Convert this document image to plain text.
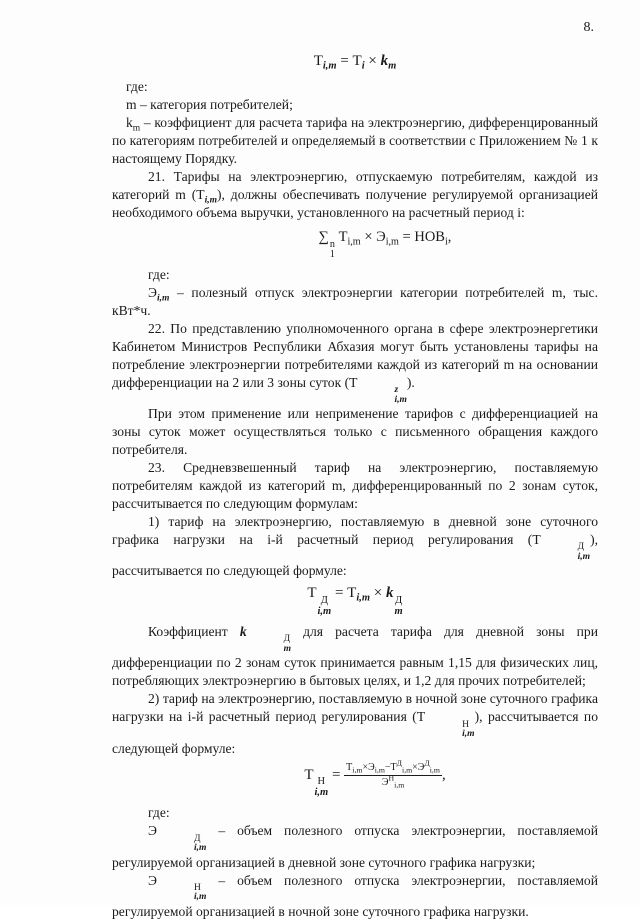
8.

$Т_{i,m} = Т_i \times k_m$

где:

m – категория потребителей;

$k_m$ – коэффициент для расчета тарифа на электроэнергию, дифференцированный по категориям потребителей и определяемый в соответствии с Приложением № 1 к настоящему Порядку.

21. Тарифы на электроэнергию, отпускаемую потребителям, каждой из категорий m $(Т_{i,m})$, должны обеспечивать получение регулируемой организацией необходимого объема выручки, установленного на расчетный период i:

∑ n
1
$Т_{i,m} \times Э_{i,m} = НОВ_i$,

где:

$Э_{i,m}$ – полезный отпуск электроэнергии категории потребителей m, тыс. кВт*ч.

22. По представлению уполномоченного органа в сфере электроэнергетики Кабинетом Министров Республики Абхазия могут быть установлены тарифы на потребление электроэнергии потребителями каждой из категорий m на основании дифференциации на 2 или 3 зоны суток (Т
z
i,m
).

При этом применение или неприменение тарифов с дифференциацией на зоны суток может осуществляться только с письменного обращения каждого потребителя.

23. Средневзвешенный тариф на электроэнергию, поставляемую потребителям каждой из категорий m, дифференцированный по 2 зонам суток, рассчитывается по следующим формулам:

1) тариф на электроэнергию, поставляемую в дневной зоне суточного графика нагрузки на i-й расчетный период регулирования (Т
Д
i,m
), рассчитывается по следующей формуле:

Т Д
i,m
= $Т_{i,m} \times k$ Д
m

Коэффициент k
Д
m
для расчета тарифа для дневной зоны при дифференциации по 2 зонам суток принимается равным 1,15 для физических лиц, потребляющих электроэнергию в бытовых целях, и 1,2 для прочих потребителей;

2) тариф на электроэнергию, поставляемую в ночной зоне суточного графика нагрузки на i-й расчетный период регулирования (Т
Н
i,m
), рассчитывается по следующей формуле:

Т Н
i,m
= $\frac{Т_{i,m}\times Э_{i,m}-Т^Д_{i,m}\times Э^Д_{i,m}}{Э^Н_{i,m}}$ ,

где:

Э
Д
i,m
– объем полезного отпуска электроэнергии, поставляемой регулируемой организацией в дневной зоне суточного графика нагрузки;

Э
Н
i,m
– объем полезного отпуска электроэнергии, поставляемой регулируемой организацией в ночной зоне суточного графика нагрузки.
